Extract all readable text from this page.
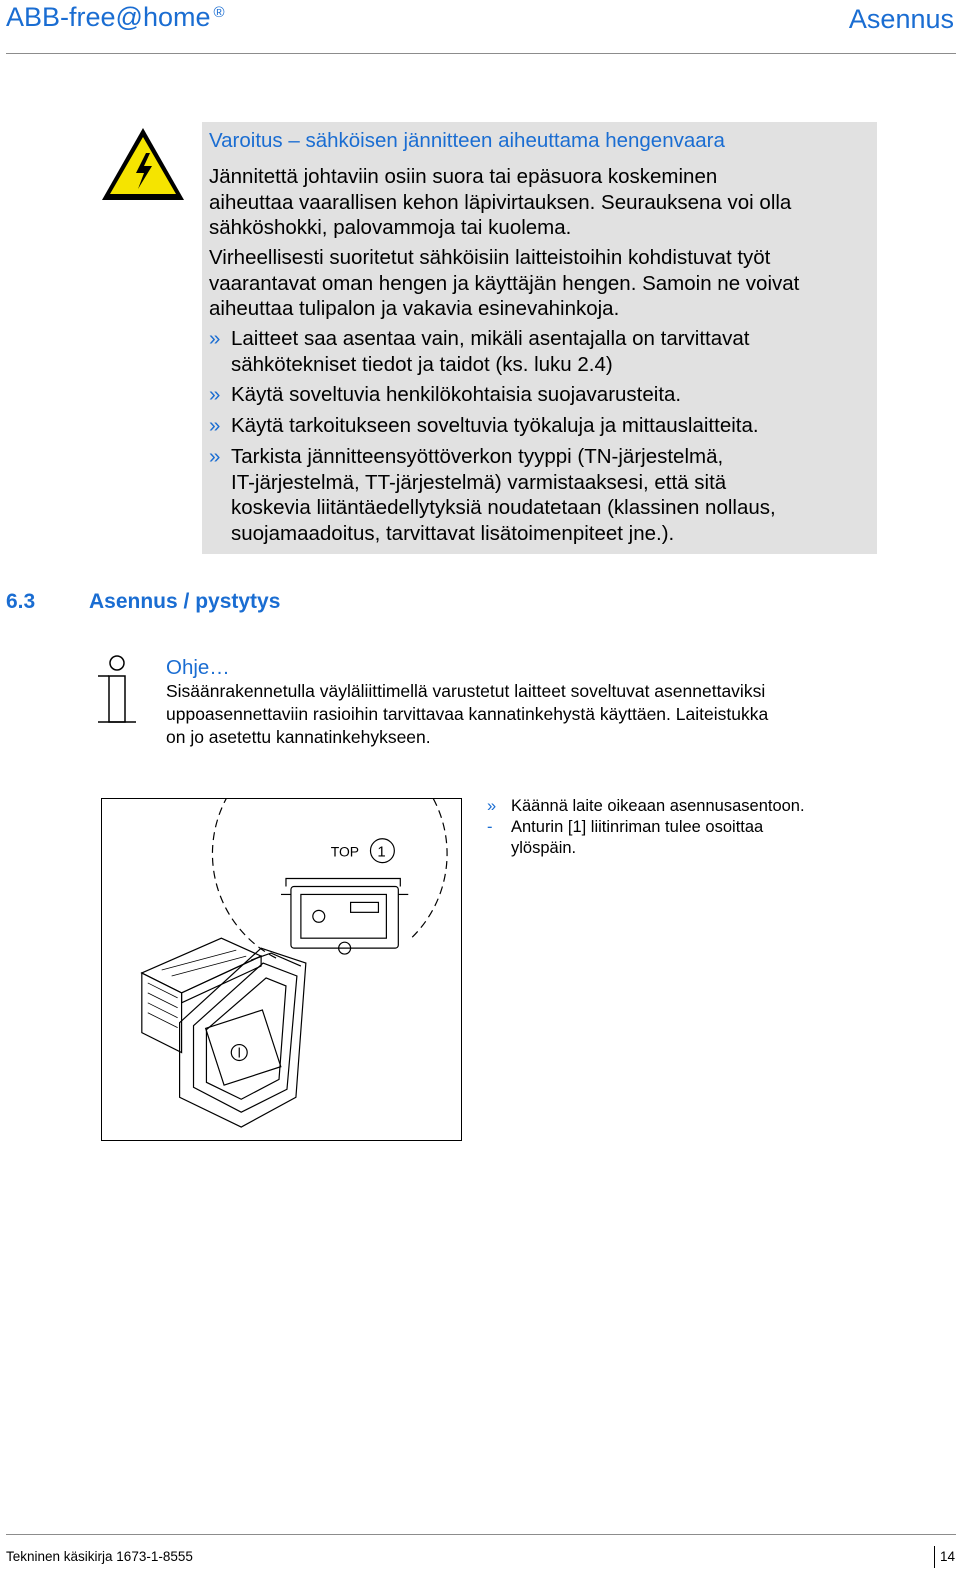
ABB-free@home ®	Asennus
Varoitus – sähköisen jännitteen aiheuttama hengenvaara
Jännitettä johtaviin osiin suora tai epäsuora koskeminen
aiheuttaa vaarallisen kehon läpivirtauksen. Seurauksena voi olla
sähköshokki, palovammoja tai kuolema.
Virheellisesti suoritetut sähköisiin laitteistoihin kohdistuvat työt
vaarantavat oman hengen ja käyttäjän hengen. Samoin ne voivat
aiheuttaa tulipalon ja vakavia esinevahinkoja.
» Laitteet saa asentaa vain, mikäli asentajalla on tarvittavat
sähkötekniset tiedot ja taidot (ks. luku 2.4)
» Käytä soveltuvia henkilökohtaisia suojavarusteita.
» Käytä tarkoitukseen soveltuvia työkaluja ja mittauslaitteita.
» Tarkista jännitteensyöttöverkon tyyppi (TN-järjestelmä,
IT-järjestelmä, TT-järjestelmä) varmistaaksesi, että sitä
koskevia liitäntäedellytyksiä noudatetaan (klassinen nollaus,
suojamaadoitus, tarvittavat lisätoimenpiteet jne.).
6.3	Asennus / pystytys
Ohje…
Sisäänrakennetulla väyläliittimellä varustetut laitteet soveltuvat asennettaviksi
uppoasennettaviin rasioihin tarvittavaa kannatinkehystä käyttäen. Laiteistukka
on jo asetettu kannatinkehykseen.
TOP 1
» Käännä laite oikeaan asennusasentoon.
- Anturin [1] liitinriman tulee osoittaa
ylöspäin.
Tekninen käsikirja 1673-1-8555	14
